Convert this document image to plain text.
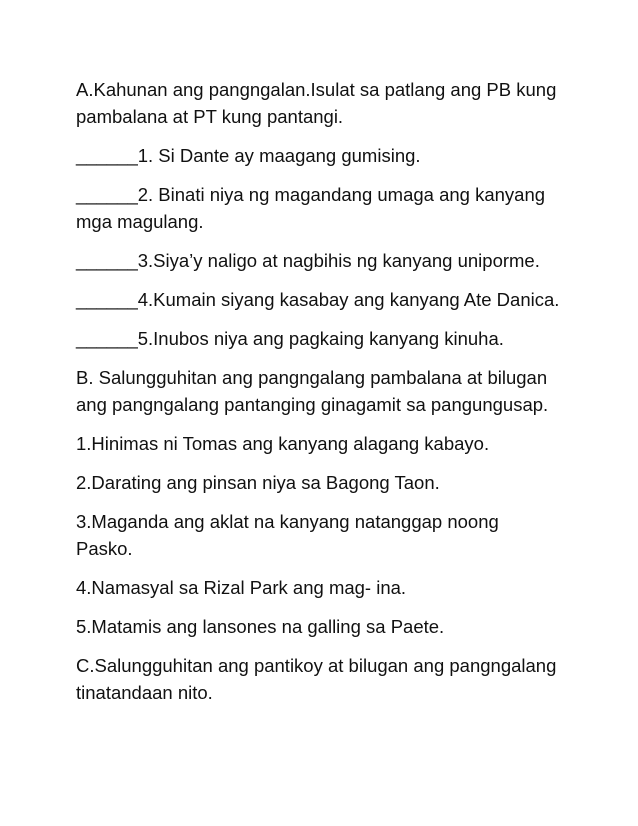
A.Kahunan ang pangngalan.Isulat sa patlang ang PB kung
pambalana at PT kung pantangi.

______1. Si Dante ay maagang gumising.

______2. Binati niya ng magandang umaga ang kanyang
mga magulang.

______3.Siya’y naligo at nagbihis ng kanyang uniporme.

______4.Kumain siyang kasabay ang kanyang Ate Danica.

______5.Inubos niya ang pagkaing kanyang kinuha.

B. Salungguhitan ang pangngalang pambalana at bilugan
ang pangngalang pantanging ginagamit sa pangungusap.

1.Hinimas ni Tomas ang kanyang alagang kabayo.

2.Darating ang pinsan niya sa Bagong Taon.

3.Maganda ang aklat na kanyang natanggap noong
Pasko.

4.Namasyal sa Rizal Park ang mag- ina.

5.Matamis ang lansones na galling sa Paete.

C.Salungguhitan ang pantikoy at bilugan ang pangngalang
tinatandaan nito.
